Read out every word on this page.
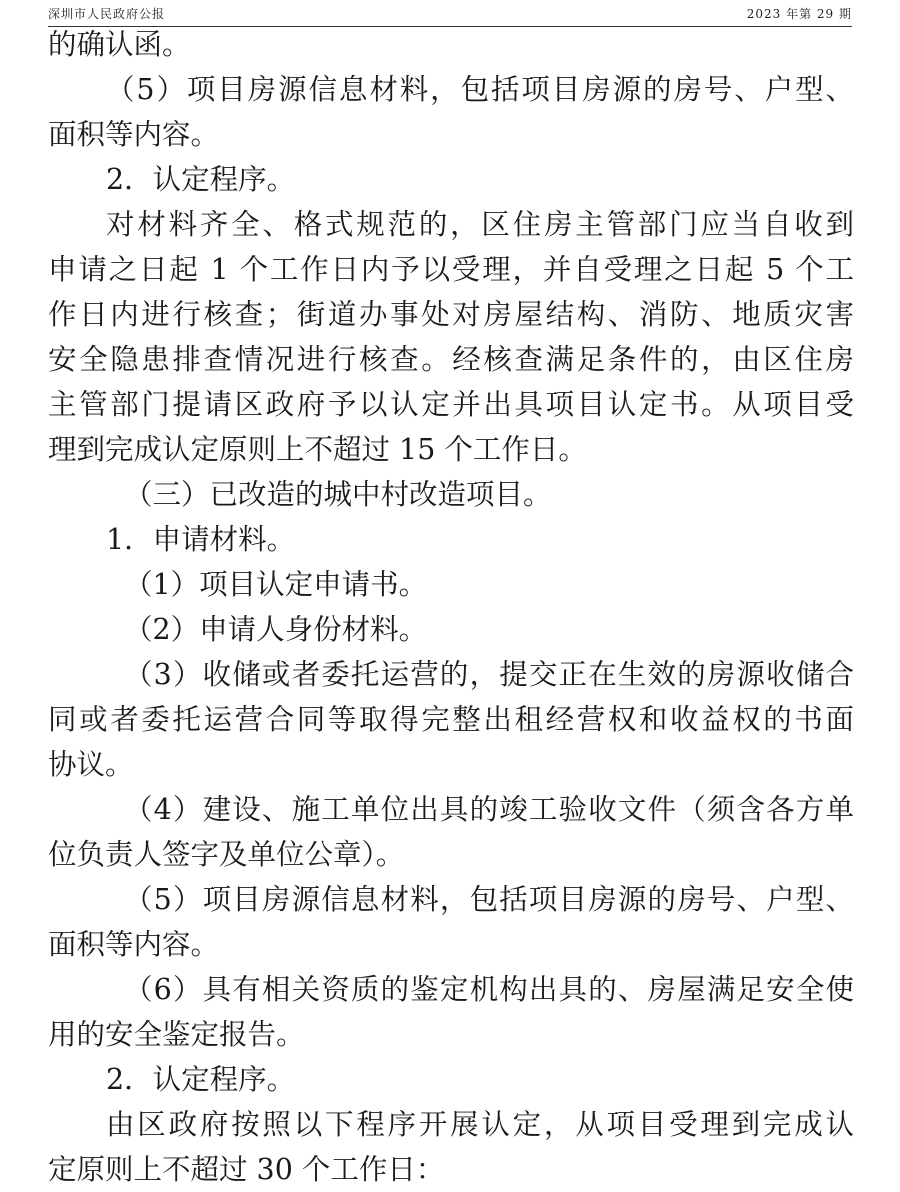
深圳市人民政府公报	2023 年第 29 期
的确认函。
（5）项目房源信息材料，包括项目房源的房号、户型、
面积等内容。
2．认定程序。
对材料齐全、格式规范的，区住房主管部门应当自收到
申请之日起 1 个工作日内予以受理，并自受理之日起 5 个工
作日内进行核查；街道办事处对房屋结构、消防、地质灾害
安全隐患排查情况进行核查。经核查满足条件的，由区住房
主管部门提请区政府予以认定并出具项目认定书。从项目受
理到完成认定原则上不超过 15 个工作日。
（三）已改造的城中村改造项目。
1．申请材料。
（1）项目认定申请书。
（2）申请人身份材料。
（3）收储或者委托运营的，提交正在生效的房源收储合
同或者委托运营合同等取得完整出租经营权和收益权的书面
协议。
（4）建设、施工单位出具的竣工验收文件（须含各方单
位负责人签字及单位公章）。
（5）项目房源信息材料，包括项目房源的房号、户型、
面积等内容。
（6）具有相关资质的鉴定机构出具的、房屋满足安全使
用的安全鉴定报告。
2．认定程序。
由区政府按照以下程序开展认定，从项目受理到完成认
定原则上不超过 30 个工作日：
